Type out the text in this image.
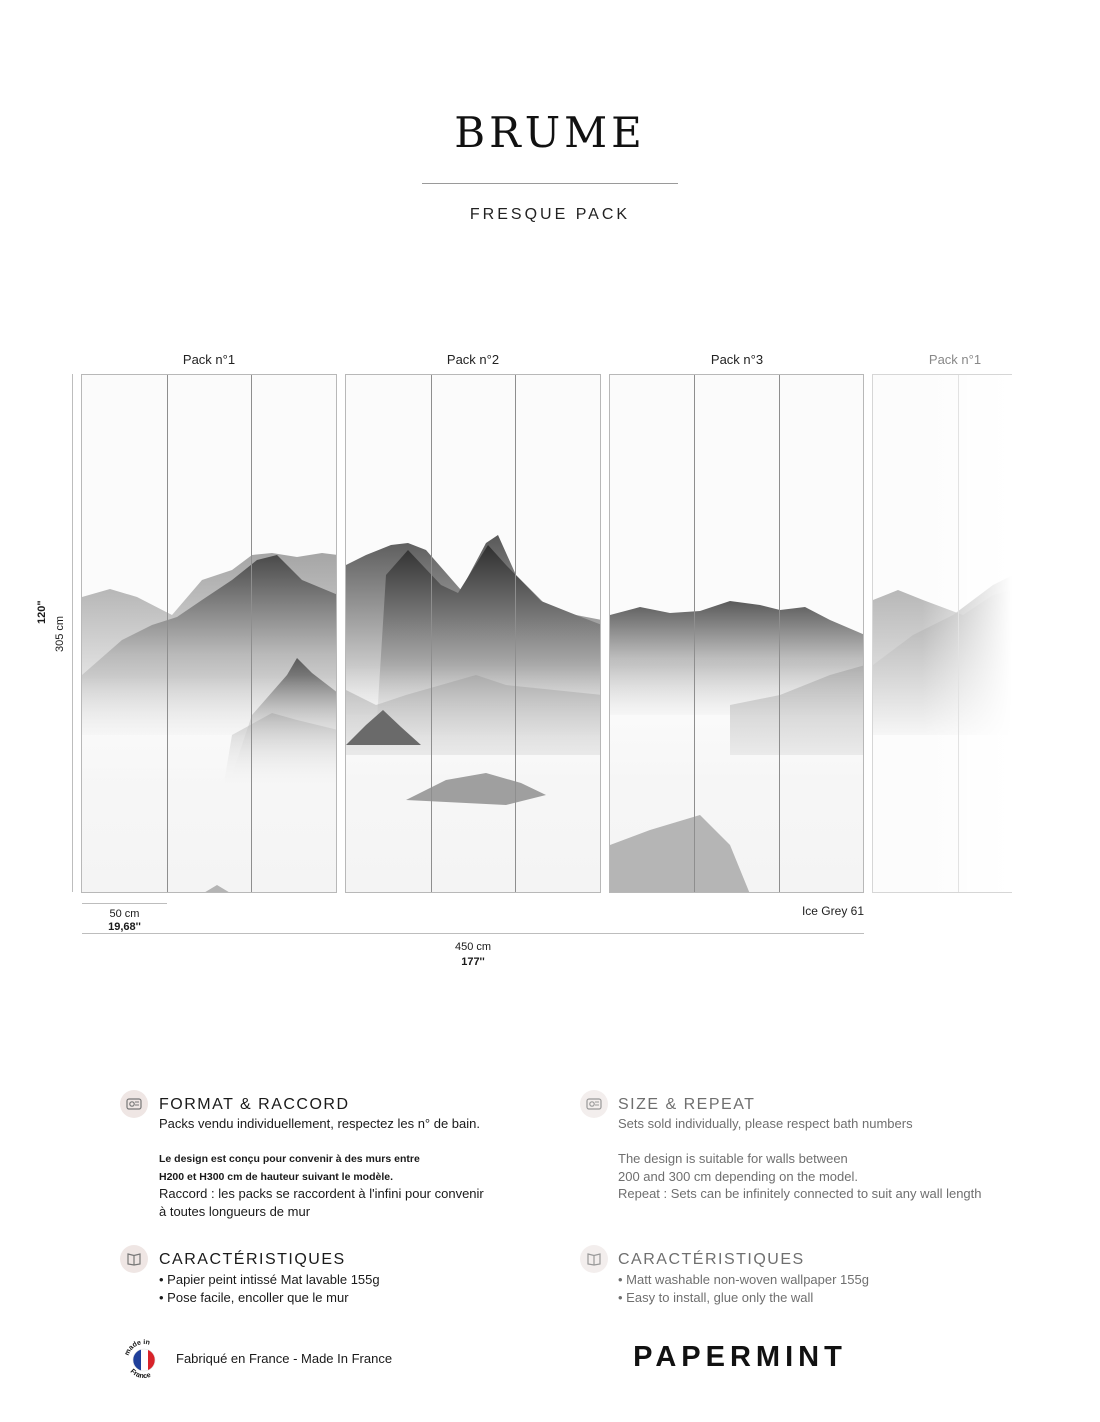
BRUME
FRESQUE PACK
Pack n°1	Pack n°2	Pack n°3	Pack n°1
120"
305 cm
50 cm
19,68''
Ice Grey 61
450 cm
177''
FORMAT & RACCORD
Packs vendu individuellement, respectez les n° de bain.
Le design est conçu pour convenir à des murs entre
H200 et H300 cm de hauteur suivant le modèle.
Raccord : les packs se raccordent à l'infini pour convenir
à toutes longueurs de mur
SIZE & REPEAT
Sets sold individually, please respect bath numbers
The design is suitable for walls between
200 and 300 cm depending on the model.
Repeat : Sets can be infinitely connected to suit any wall length
CARACTÉRISTIQUES
• Papier peint intissé Mat lavable 155g
• Pose facile, encoller que le mur
CARACTÉRISTIQUES
• Matt washable non-woven wallpaper 155g
• Easy to install, glue only the wall
made in
France
Fabriqué en France - Made In France	PAPERMINT
